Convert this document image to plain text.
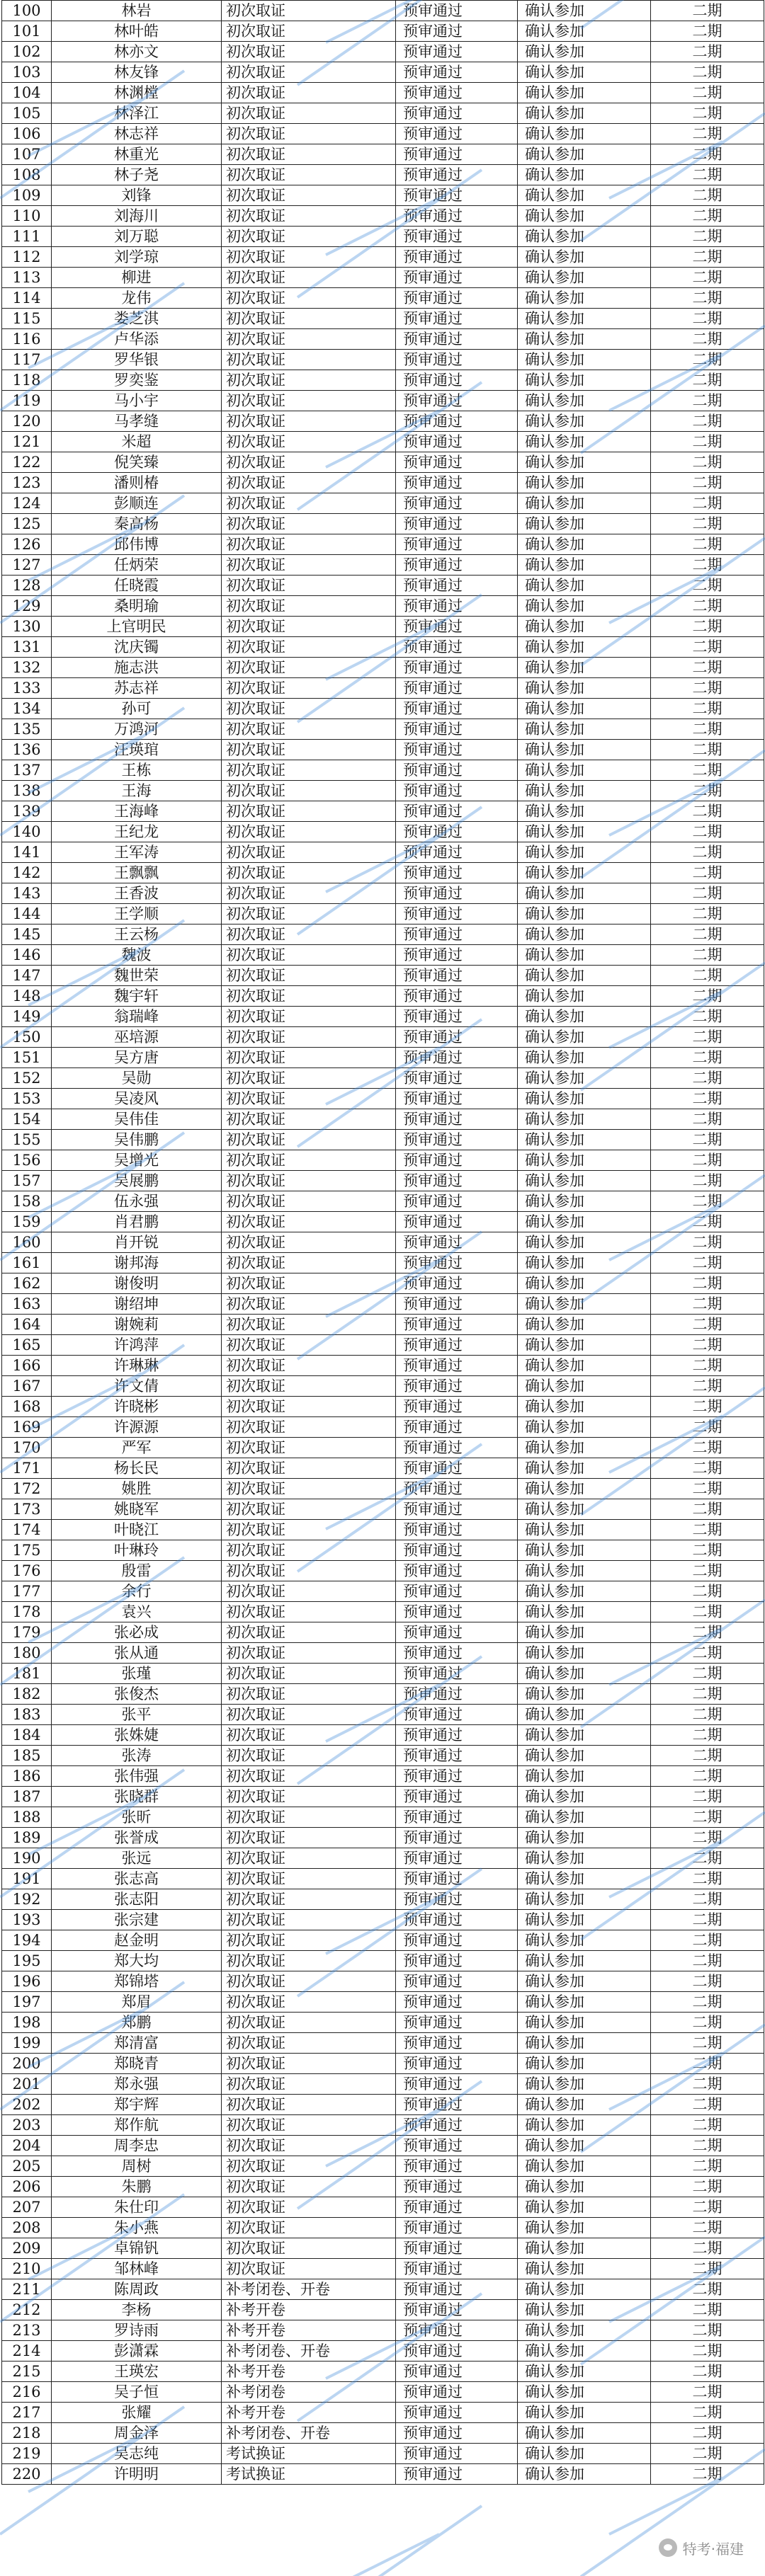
100	林岩	初次取证	预审通过	确认参加	二期
101	林叶皓	初次取证	预审通过	确认参加	二期
102	林亦文	初次取证	预审通过	确认参加	二期
103	林友锋	初次取证	预审通过	确认参加	二期
104	林渊樘	初次取证	预审通过	确认参加	二期
105	林泽江	初次取证	预审通过	确认参加	二期
106	林志祥	初次取证	预审通过	确认参加	二期
107	林重光	初次取证	预审通过	确认参加	二期
108	林子尧	初次取证	预审通过	确认参加	二期
109	刘锋	初次取证	预审通过	确认参加	二期
110	刘海川	初次取证	预审通过	确认参加	二期
111	刘万聪	初次取证	预审通过	确认参加	二期
112	刘学琼	初次取证	预审通过	确认参加	二期
113	柳进	初次取证	预审通过	确认参加	二期
114	龙伟	初次取证	预审通过	确认参加	二期
115	娄芝淇	初次取证	预审通过	确认参加	二期
116	卢华添	初次取证	预审通过	确认参加	二期
117	罗华银	初次取证	预审通过	确认参加	二期
118	罗奕鉴	初次取证	预审通过	确认参加	二期
119	马小宇	初次取证	预审通过	确认参加	二期
120	马孝缝	初次取证	预审通过	确认参加	二期
121	米超	初次取证	预审通过	确认参加	二期
122	倪笑臻	初次取证	预审通过	确认参加	二期
123	潘则椿	初次取证	预审通过	确认参加	二期
124	彭顺连	初次取证	预审通过	确认参加	二期
125	秦高杨	初次取证	预审通过	确认参加	二期
126	邱伟博	初次取证	预审通过	确认参加	二期
127	任炳荣	初次取证	预审通过	确认参加	二期
128	任晓霞	初次取证	预审通过	确认参加	二期
129	桑明瑜	初次取证	预审通过	确认参加	二期
130	上官明民	初次取证	预审通过	确认参加	二期
131	沈庆镯	初次取证	预审通过	确认参加	二期
132	施志洪	初次取证	预审通过	确认参加	二期
133	苏志祥	初次取证	预审通过	确认参加	二期
134	孙可	初次取证	预审通过	确认参加	二期
135	万鸿河	初次取证	预审通过	确认参加	二期
136	汪瑛琯	初次取证	预审通过	确认参加	二期
137	王栋	初次取证	预审通过	确认参加	二期
138	王海	初次取证	预审通过	确认参加	二期
139	王海峰	初次取证	预审通过	确认参加	二期
140	王纪龙	初次取证	预审通过	确认参加	二期
141	王军涛	初次取证	预审通过	确认参加	二期
142	王飘飘	初次取证	预审通过	确认参加	二期
143	王香波	初次取证	预审通过	确认参加	二期
144	王学顺	初次取证	预审通过	确认参加	二期
145	王云杨	初次取证	预审通过	确认参加	二期
146	魏波	初次取证	预审通过	确认参加	二期
147	魏世荣	初次取证	预审通过	确认参加	二期
148	魏宇轩	初次取证	预审通过	确认参加	二期
149	翁瑞峰	初次取证	预审通过	确认参加	二期
150	巫培源	初次取证	预审通过	确认参加	二期
151	吴方唐	初次取证	预审通过	确认参加	二期
152	吴勋	初次取证	预审通过	确认参加	二期
153	吴凌风	初次取证	预审通过	确认参加	二期
154	吴伟佳	初次取证	预审通过	确认参加	二期
155	吴伟鹏	初次取证	预审通过	确认参加	二期
156	吴增光	初次取证	预审通过	确认参加	二期
157	吴展鹏	初次取证	预审通过	确认参加	二期
158	伍永强	初次取证	预审通过	确认参加	二期
159	肖君鹏	初次取证	预审通过	确认参加	二期
160	肖开锐	初次取证	预审通过	确认参加	二期
161	谢邦海	初次取证	预审通过	确认参加	二期
162	谢俊明	初次取证	预审通过	确认参加	二期
163	谢绍坤	初次取证	预审通过	确认参加	二期
164	谢婉莉	初次取证	预审通过	确认参加	二期
165	许鸿萍	初次取证	预审通过	确认参加	二期
166	许琳琳	初次取证	预审通过	确认参加	二期
167	许文倩	初次取证	预审通过	确认参加	二期
168	许晓彬	初次取证	预审通过	确认参加	二期
169	许源源	初次取证	预审通过	确认参加	二期
170	严军	初次取证	预审通过	确认参加	二期
171	杨长民	初次取证	预审通过	确认参加	二期
172	姚胜	初次取证	预审通过	确认参加	二期
173	姚晓军	初次取证	预审通过	确认参加	二期
174	叶晓江	初次取证	预审通过	确认参加	二期
175	叶琳玲	初次取证	预审通过	确认参加	二期
176	殷雷	初次取证	预审通过	确认参加	二期
177	余行	初次取证	预审通过	确认参加	二期
178	袁兴	初次取证	预审通过	确认参加	二期
179	张必成	初次取证	预审通过	确认参加	二期
180	张从通	初次取证	预审通过	确认参加	二期
181	张瑾	初次取证	预审通过	确认参加	二期
182	张俊杰	初次取证	预审通过	确认参加	二期
183	张平	初次取证	预审通过	确认参加	二期
184	张姝婕	初次取证	预审通过	确认参加	二期
185	张涛	初次取证	预审通过	确认参加	二期
186	张伟强	初次取证	预审通过	确认参加	二期
187	张晓群	初次取证	预审通过	确认参加	二期
188	张昕	初次取证	预审通过	确认参加	二期
189	张誉成	初次取证	预审通过	确认参加	二期
190	张远	初次取证	预审通过	确认参加	二期
191	张志高	初次取证	预审通过	确认参加	二期
192	张志阳	初次取证	预审通过	确认参加	二期
193	张宗建	初次取证	预审通过	确认参加	二期
194	赵金明	初次取证	预审通过	确认参加	二期
195	郑大均	初次取证	预审通过	确认参加	二期
196	郑锦塔	初次取证	预审通过	确认参加	二期
197	郑眉	初次取证	预审通过	确认参加	二期
198	郑鹏	初次取证	预审通过	确认参加	二期
199	郑清富	初次取证	预审通过	确认参加	二期
200	郑晓青	初次取证	预审通过	确认参加	二期
201	郑永强	初次取证	预审通过	确认参加	二期
202	郑宇辉	初次取证	预审通过	确认参加	二期
203	郑作航	初次取证	预审通过	确认参加	二期
204	周李忠	初次取证	预审通过	确认参加	二期
205	周树	初次取证	预审通过	确认参加	二期
206	朱鹏	初次取证	预审通过	确认参加	二期
207	朱仕印	初次取证	预审通过	确认参加	二期
208	朱小燕	初次取证	预审通过	确认参加	二期
209	卓锦钒	初次取证	预审通过	确认参加	二期
210	邹林峰	初次取证	预审通过	确认参加	二期
211	陈周政	补考闭卷、开卷	预审通过	确认参加	二期
212	李杨	补考开卷	预审通过	确认参加	二期
213	罗诗雨	补考开卷	预审通过	确认参加	二期
214	彭潇霖	补考闭卷、开卷	预审通过	确认参加	二期
215	王瑛宏	补考开卷	预审通过	确认参加	二期
216	吴子恒	补考闭卷	预审通过	确认参加	二期
217	张耀	补考开卷	预审通过	确认参加	二期
218	周金泽	补考闭卷、开卷	预审通过	确认参加	二期
219	吴志纯	考试换证	预审通过	确认参加	二期
220	许明明	考试换证	预审通过	确认参加	二期
特考·福建
